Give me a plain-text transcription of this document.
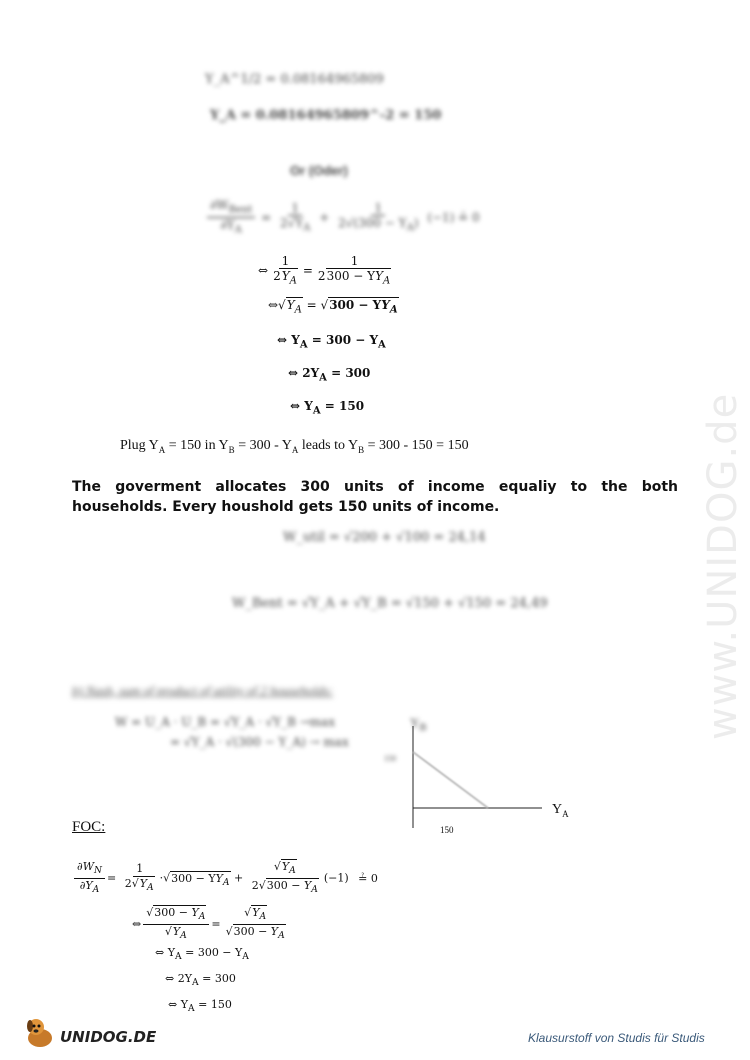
www.UNIDOG.de
Y_A^1/2 = 0.08164965809
Y_A = 0.08164965809^-2 = 150
Or (Oder)
$\frac{\partial W_{Bent}}{\partial Y_A} = \frac{1}{2√Y_A} + \frac{1}{2√(300 - Y_A)} (-1)$ ≟ 0
⇔ $\frac{1}{2Y_A} = \frac{1}{2300 - YY_A}$
$\Leftrightarrow√Y_A = √300 - YY_A$
⇔ $Y_A = 300 - Y_A$
⇔ $2Y_A = 300$
⇔ $Y_A = 150$
Plug $Y_A = 150$ in $Y_B = 300 - Y_A$ leads to $Y_B = 300 - 150 = 150$
The goverment allocates 300 units of income equaliy to the both households. Every houshold gets 150 units of income.
W_util = √200 + √100 = 24,14
W_Bent = √Y_A + √Y_B = √150 + √150 = 24,49
b) Nash, sum of product of utility of 2 households:
W = U_A · U_B = √Y_A · √Y_B →max
= √Y_A · √(300 − Y_A) → max
$Y_B$
150
$Y_A$
150
FOC:
$\frac{\partial W_N}{\partial Y_A} = \frac{1}{2√Y_A} \cdot√300 - YY_A + \frac{√Y_A}{2√300 - Y_A} (-1)$ ≟ 0
⇔ $\frac{√300 - Y_A}{√Y_A} = \frac{√Y_A}{√300 - Y_A}$
⇔ $Y_A = 300 - Y_A$
⇔ $2Y_A = 300$
⇔ $Y_A = 150$
UNIDOG.DE	Klausurstoff von Studis für Studis
